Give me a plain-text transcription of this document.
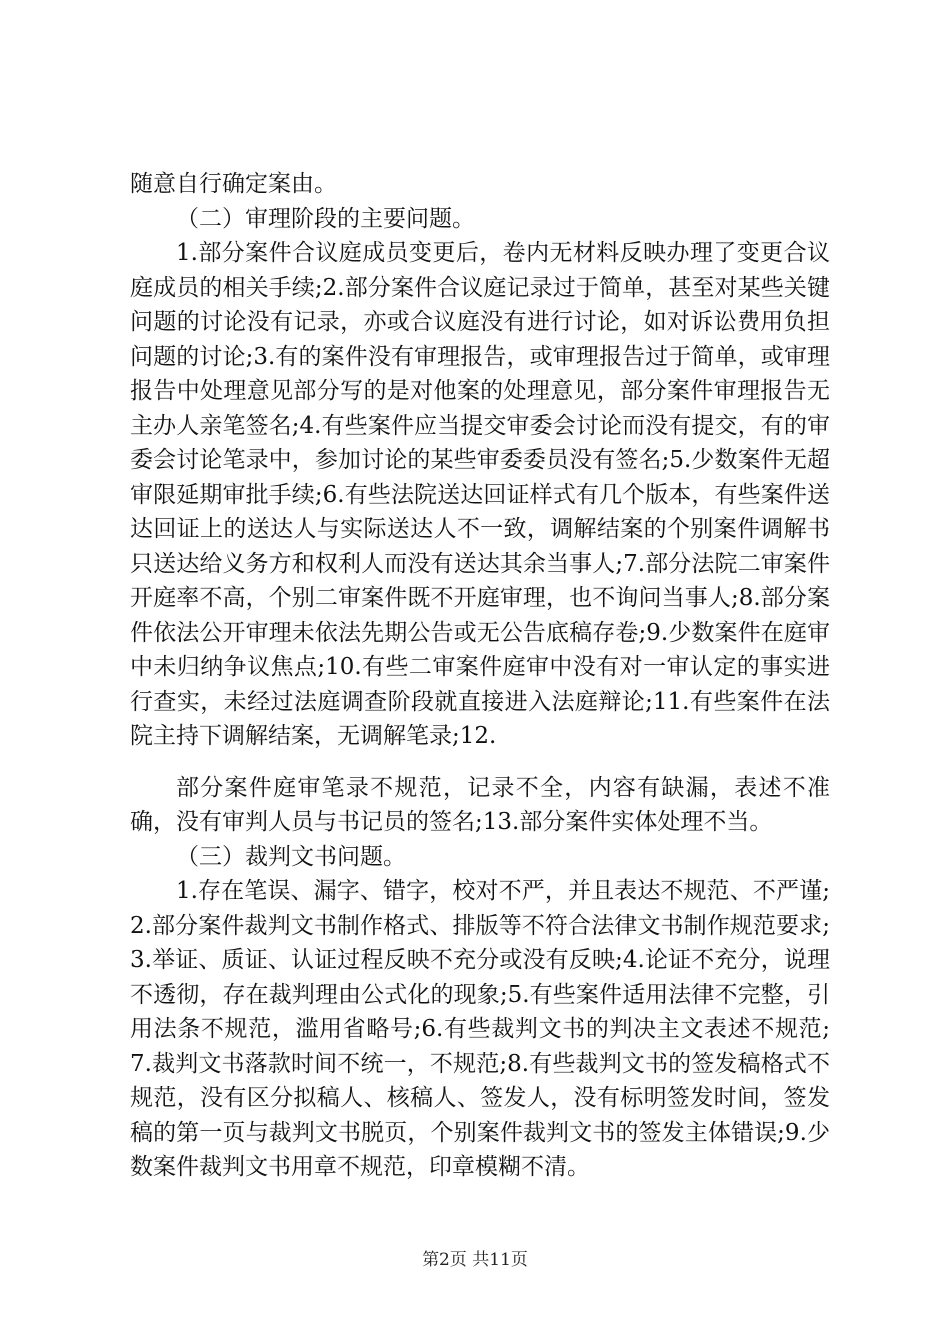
随意自行确定案由。

（二）审理阶段的主要问题。

1.部分案件合议庭成员变更后，卷内无材料反映办理了变更合议庭成员的相关手续;2.部分案件合议庭记录过于简单，甚至对某些关键问题的讨论没有记录，亦或合议庭没有进行讨论，如对诉讼费用负担问题的讨论;3.有的案件没有审理报告，或审理报告过于简单，或审理报告中处理意见部分写的是对他案的处理意见，部分案件审理报告无主办人亲笔签名;4.有些案件应当提交审委会讨论而没有提交，有的审委会讨论笔录中，参加讨论的某些审委委员没有签名;5.少数案件无超审限延期审批手续;6.有些法院送达回证样式有几个版本，有些案件送达回证上的送达人与实际送达人不一致，调解结案的个别案件调解书只送达给义务方和权利人而没有送达其余当事人;7.部分法院二审案件开庭率不高，个别二审案件既不开庭审理，也不询问当事人;8.部分案件依法公开审理未依法先期公告或无公告底稿存卷;9.少数案件在庭审中未归纳争议焦点;10.有些二审案件庭审中没有对一审认定的事实进行查实，未经过法庭调查阶段就直接进入法庭辩论;11.有些案件在法院主持下调解结案，无调解笔录;12.

部分案件庭审笔录不规范，记录不全，内容有缺漏，表述不准确，没有审判人员与书记员的签名;13.部分案件实体处理不当。

（三）裁判文书问题。

1.存在笔误、漏字、错字，校对不严，并且表达不规范、不严谨;2.部分案件裁判文书制作格式、排版等不符合法律文书制作规范要求;3.举证、质证、认证过程反映不充分或没有反映;4.论证不充分，说理不透彻，存在裁判理由公式化的现象;5.有些案件适用法律不完整，引用法条不规范，滥用省略号;6.有些裁判文书的判决主文表述不规范;7.裁判文书落款时间不统一，不规范;8.有些裁判文书的签发稿格式不规范，没有区分拟稿人、核稿人、签发人，没有标明签发时间，签发稿的第一页与裁判文书脱页，个别案件裁判文书的签发主体错误;9.少数案件裁判文书用章不规范，印章模糊不清。

第2页 共11页
